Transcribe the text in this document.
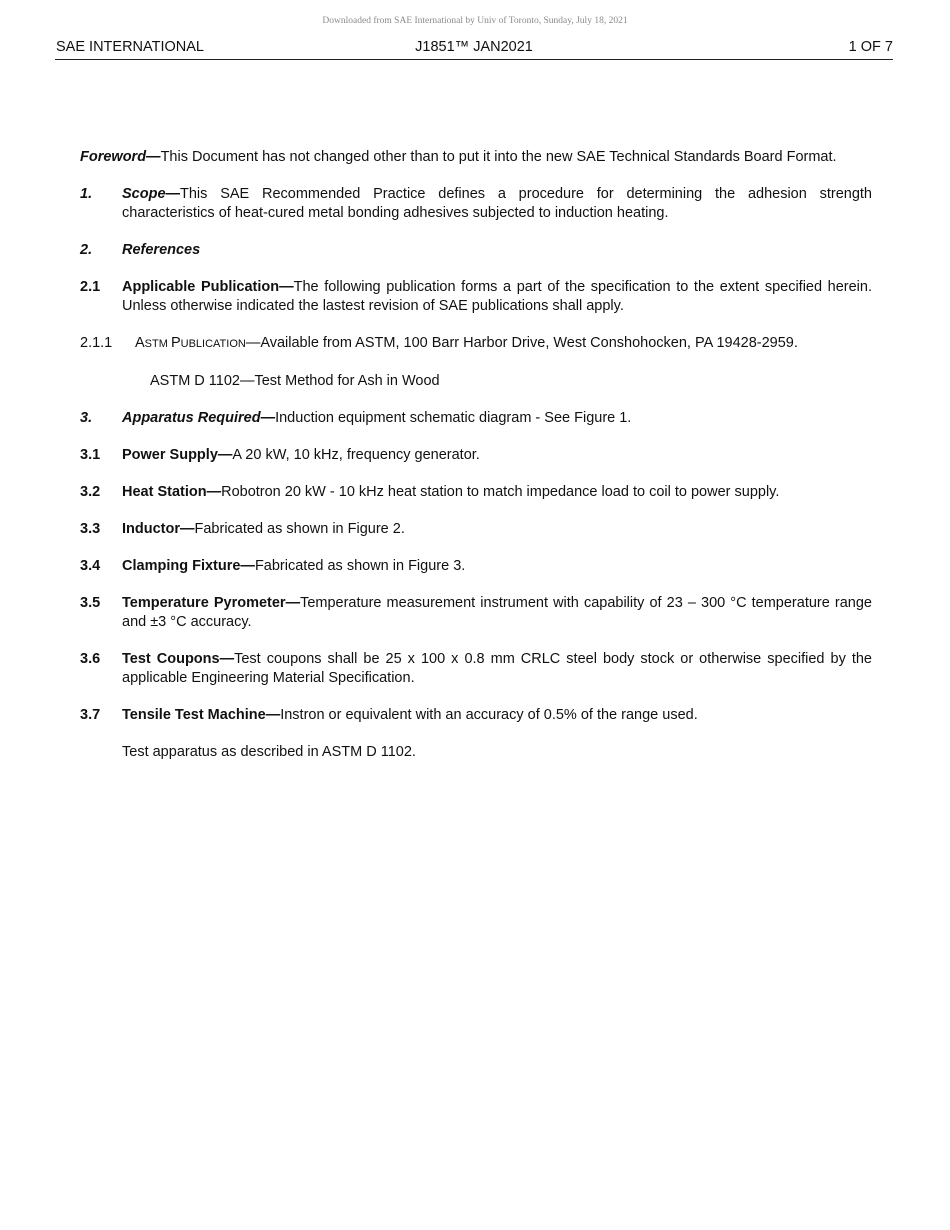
Downloaded from SAE International by Univ of Toronto, Sunday, July 18, 2021
SAE INTERNATIONAL	J1851™ JAN2021	1 OF 7

Foreword—This Document has not changed other than to put it into the new SAE Technical Standards Board Format.

1. Scope—This SAE Recommended Practice defines a procedure for determining the adhesion strength characteristics of heat-cured metal bonding adhesives subjected to induction heating.

2. References

2.1 Applicable Publication—The following publication forms a part of the specification to the extent specified herein. Unless otherwise indicated the lastest revision of SAE publications shall apply.

2.1.1 ASTM PUBLICATION—Available from ASTM, 100 Barr Harbor Drive, West Conshohocken, PA 19428-2959.

ASTM D 1102—Test Method for Ash in Wood

3. Apparatus Required—Induction equipment schematic diagram - See Figure 1.

3.1 Power Supply—A 20 kW, 10 kHz, frequency generator.

3.2 Heat Station—Robotron 20 kW - 10 kHz heat station to match impedance load to coil to power supply.

3.3 Inductor—Fabricated as shown in Figure 2.

3.4 Clamping Fixture—Fabricated as shown in Figure 3.

3.5 Temperature Pyrometer—Temperature measurement instrument with capability of 23 – 300 °C temperature range and ±3 °C accuracy.

3.6 Test Coupons—Test coupons shall be 25 x 100 x 0.8 mm CRLC steel body stock or otherwise specified by the applicable Engineering Material Specification.

3.7 Tensile Test Machine—Instron or equivalent with an accuracy of 0.5% of the range used.

Test apparatus as described in ASTM D 1102.
